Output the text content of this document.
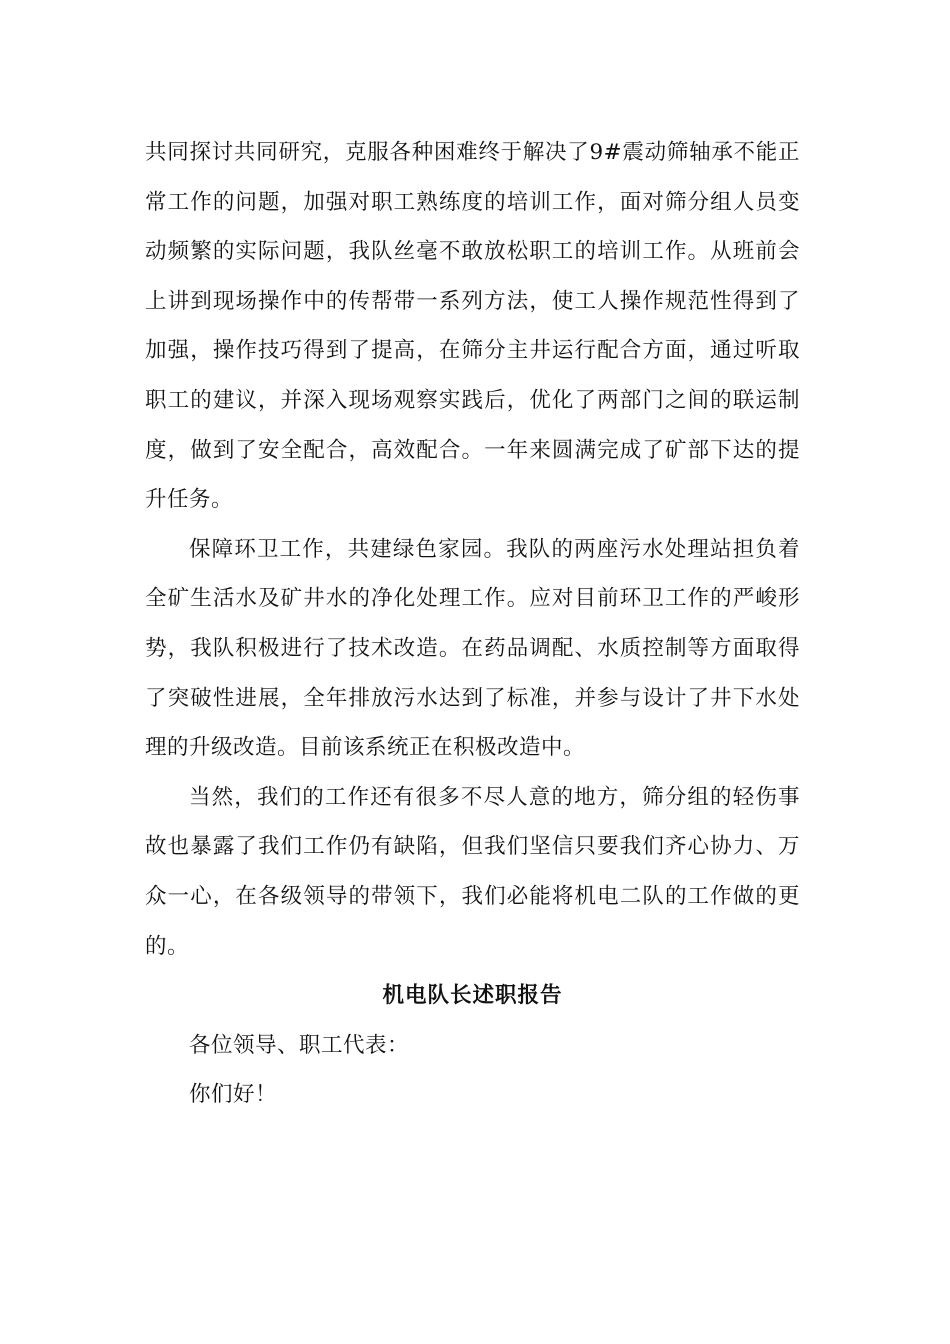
共同探讨共同研究，克服各种困难终于解决了9#震动筛轴承不能正常工作的问题，加强对职工熟练度的培训工作，面对筛分组人员变动频繁的实际问题，我队丝毫不敢放松职工的培训工作。从班前会上讲到现场操作中的传帮带一系列方法，使工人操作规范性得到了加强，操作技巧得到了提高，在筛分主井运行配合方面，通过听取职工的建议，并深入现场观察实践后，优化了两部门之间的联运制度，做到了安全配合，高效配合。一年来圆满完成了矿部下达的提升任务。

保障环卫工作，共建绿色家园。我队的两座污水处理站担负着全矿生活水及矿井水的净化处理工作。应对目前环卫工作的严峻形势，我队积极进行了技术改造。在药品调配、水质控制等方面取得了突破性进展，全年排放污水达到了标准，并参与设计了井下水处理的升级改造。目前该系统正在积极改造中。

当然，我们的工作还有很多不尽人意的地方，筛分组的轻伤事故也暴露了我们工作仍有缺陷，但我们坚信只要我们齐心协力、万众一心，在各级领导的带领下，我们必能将机电二队的工作做的更的。

机电队长述职报告

各位领导、职工代表：

你们好！
